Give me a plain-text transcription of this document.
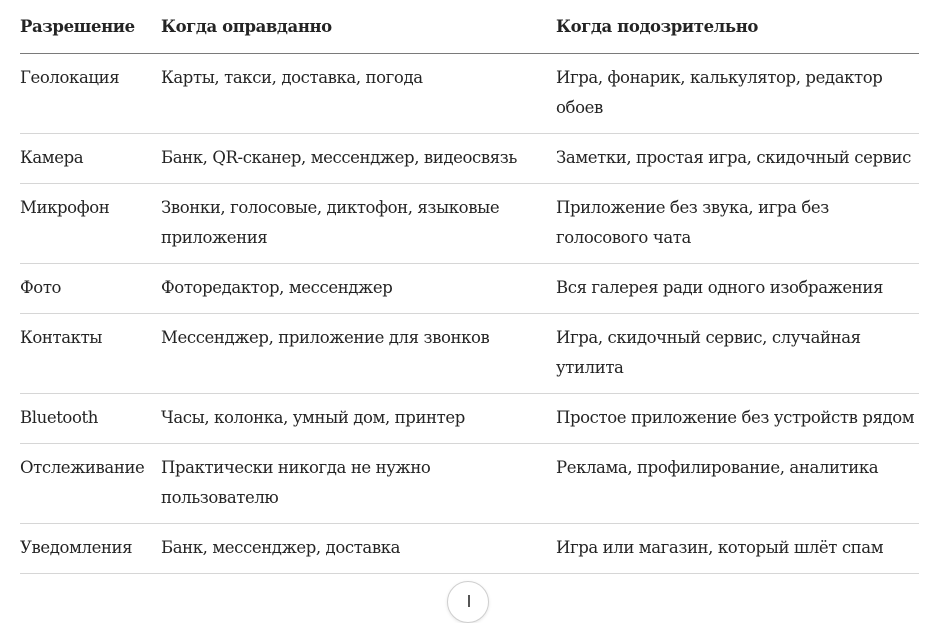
Разрешение	Когда оправданно	Когда подозрительно
Геолокация	Карты, такси, доставка, погода	Игра, фонарик, калькулятор, редактор обоев
Камера	Банк, QR-сканер, мессенджер, видеосвязь	Заметки, простая игра, скидочный сервис
Микрофон	Звонки, голосовые, диктофон, языковые приложения	Приложение без звука, игра без голосового чата
Фото	Фоторедактор, мессенджер	Вся галерея ради одного изображения
Контакты	Мессенджер, приложение для звонков	Игра, скидочный сервис, случайная утилита
Bluetooth	Часы, колонка, умный дом, принтер	Простое приложение без устройств рядом
Отслеживание	Практически никогда не нужно пользователю	Реклама, профилирование, аналитика
Уведомления	Банк, мессенджер, доставка	Игра или магазин, который шлёт спам
